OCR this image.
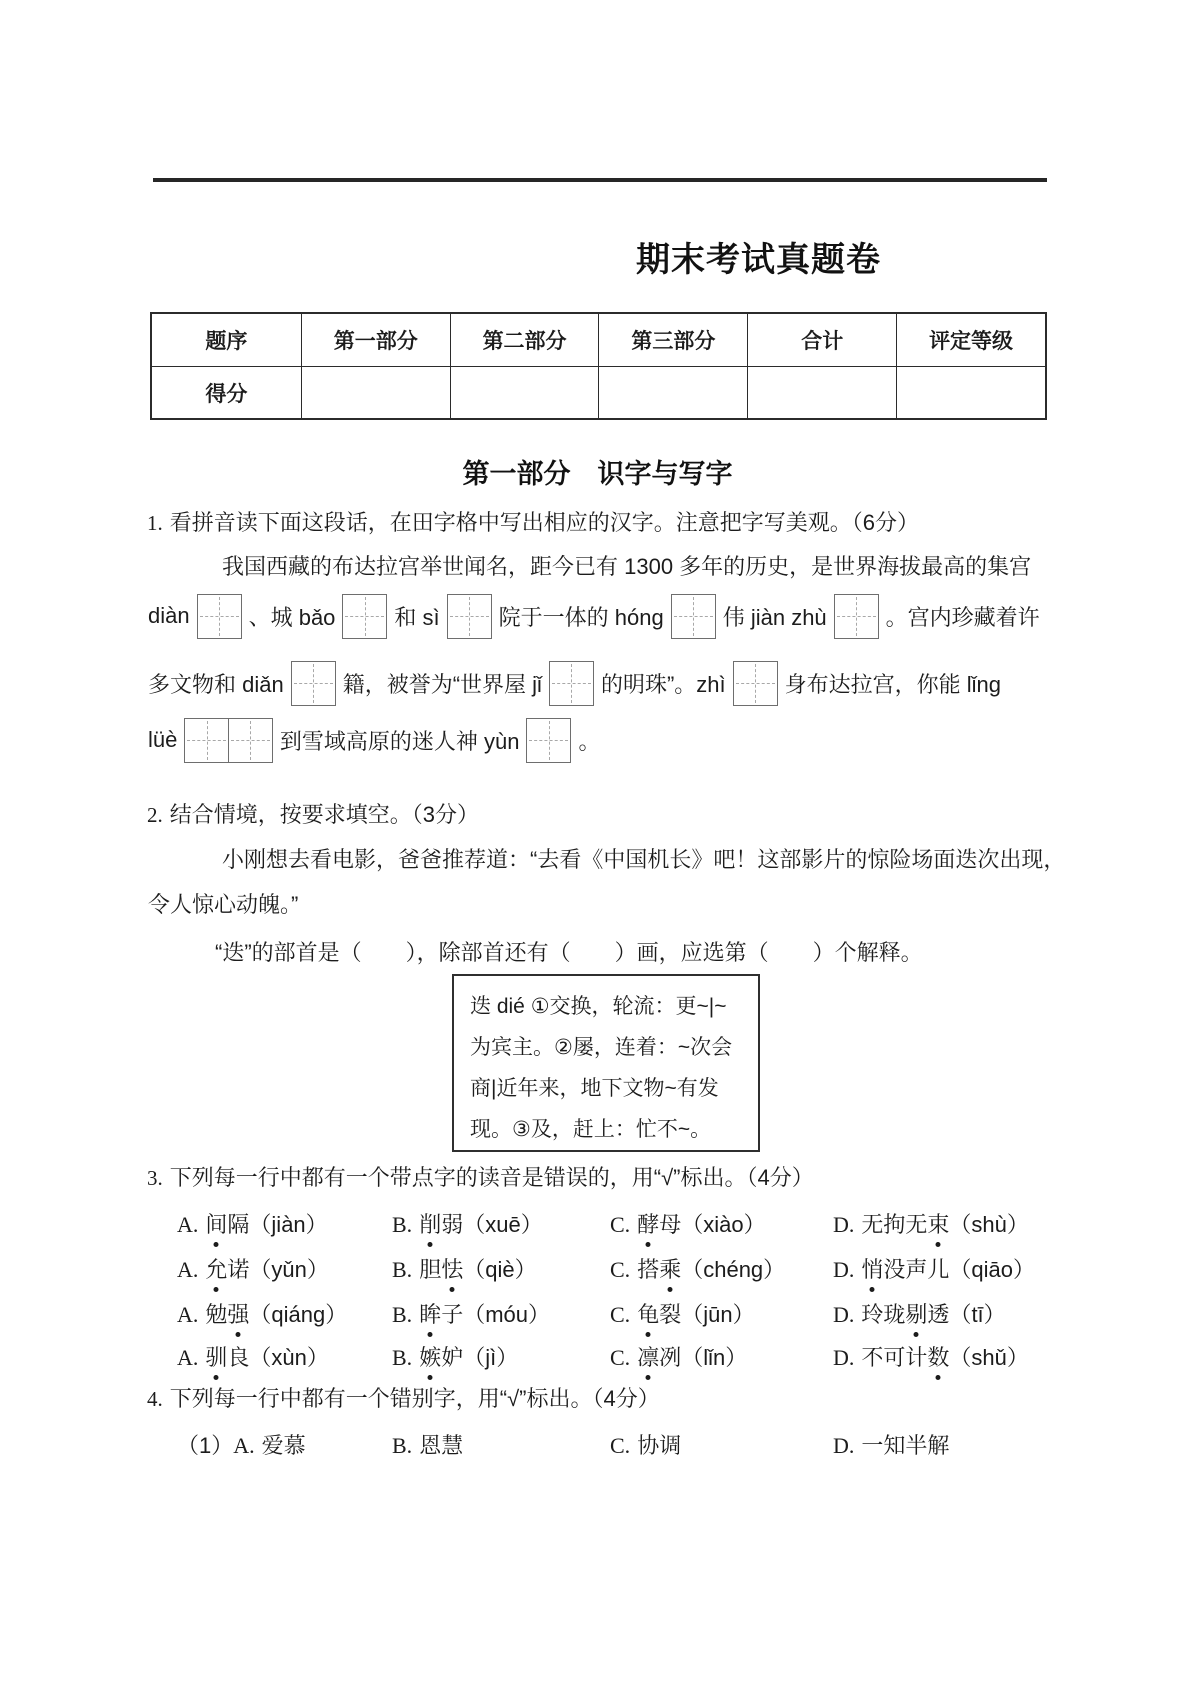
期末考试真题卷
题序	第一部分	第二部分	第三部分	合计	评定等级
得分
第一部分　识字与写字
1. 看拼音读下面这段话，在田字格中写出相应的汉字。注意把字写美观。（6分）
我国西藏的布达拉宫举世闻名，距今已有 1300 多年的历史，是世界海拔最高的集宫
diàn	、城 bǎo	和 sì	院于一体的 hóng	伟 jiàn zhù	。宫内珍藏着许
多文物和 diǎn	籍，被誉为“世界屋 jǐ	的明珠”。zhì	身布达拉宫，你能 lǐng
lüè	到雪域高原的迷人神 yùn	。
2. 结合情境，按要求填空。（3分）
小刚想去看电影，爸爸推荐道：“去看《中国机长》吧！这部影片的惊险场面迭次出现，
令人惊心动魄。”
“迭”的部首是（　　），除部首还有（　　）画，应选第（　　）个解释。
迭 dié ①交换，轮流：更~|~
为宾主。②屡，连着：~次会
商|近年来，地下文物~有发
现。③及，赶上：忙不~。
3. 下列每一行中都有一个带点字的读音是错误的，用“√”标出。（4分）
A. 间隔（jiàn）	B. 削弱（xuē）	C. 酵母（xiào）	D. 无拘无束（shù）
A. 允诺（yǔn）	B. 胆怯（qiè）	C. 搭乘（chéng）	D. 悄没声儿（qiāo）
A. 勉强（qiáng）	B. 眸子（móu）	C. 龟裂（jūn）	D. 玲珑剔透（tī）
A. 驯良（xùn）	B. 嫉妒（jì）	C. 凛冽（lǐn）	D. 不可计数（shǔ）
4. 下列每一行中都有一个错别字，用“√”标出。（4分）
（1）A. 爱慕	B. 恩慧	C. 协调	D. 一知半解
